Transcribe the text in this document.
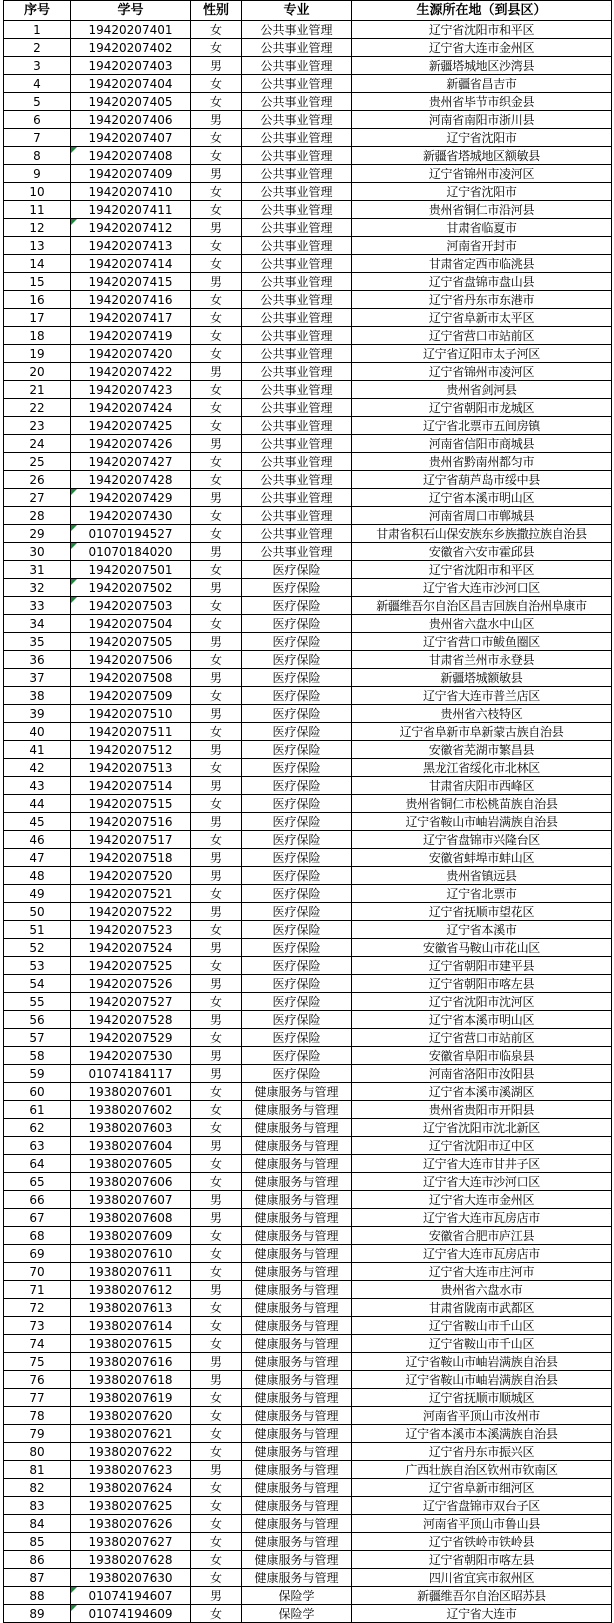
序号	学号	性别	专业	生源所在地（到县区）
1	19420207401	女	公共事业管理	辽宁省沈阳市和平区
2	19420207402	女	公共事业管理	辽宁省大连市金州区
3	19420207403	男	公共事业管理	新疆塔城地区沙湾县
4	19420207404	女	公共事业管理	新疆省昌吉市
5	19420207405	女	公共事业管理	贵州省毕节市织金县
6	19420207406	男	公共事业管理	河南省南阳市浙川县
7	19420207407	女	公共事业管理	辽宁省沈阳市
8	19420207408	女	公共事业管理	新疆省塔城地区额敏县
9	19420207409	男	公共事业管理	辽宁省锦州市凌河区
10	19420207410	女	公共事业管理	辽宁省沈阳市
11	19420207411	女	公共事业管理	贵州省铜仁市沿河县
12	19420207412	男	公共事业管理	甘肃省临夏市
13	19420207413	女	公共事业管理	河南省开封市
14	19420207414	女	公共事业管理	甘肃省定西市临洮县
15	19420207415	男	公共事业管理	辽宁省盘锦市盘山县
16	19420207416	女	公共事业管理	辽宁省丹东市东港市
17	19420207417	女	公共事业管理	辽宁省阜新市太平区
18	19420207419	女	公共事业管理	辽宁省营口市站前区
19	19420207420	女	公共事业管理	辽宁省辽阳市太子河区
20	19420207422	男	公共事业管理	辽宁省锦州市凌河区
21	19420207423	女	公共事业管理	贵州省剑河县
22	19420207424	女	公共事业管理	辽宁省朝阳市龙城区
23	19420207425	女	公共事业管理	辽宁省北票市五间房镇
24	19420207426	男	公共事业管理	河南省信阳市商城县
25	19420207427	女	公共事业管理	贵州省黔南州都匀市
26	19420207428	女	公共事业管理	辽宁省葫芦岛市绥中县
27	19420207429	男	公共事业管理	辽宁省本溪市明山区
28	19420207430	女	公共事业管理	河南省周口市郸城县
29	01070194527	女	公共事业管理	甘肃省积石山保安族东乡族撒拉族自治县
30	01070184020	男	公共事业管理	安徽省六安市霍邱县
31	19420207501	女	医疗保险	辽宁省沈阳市和平区
32	19420207502	男	医疗保险	辽宁省大连市沙河口区
33	19420207503	女	医疗保险	新疆维吾尔自治区昌吉回族自治州阜康市
34	19420207504	女	医疗保险	贵州省六盘水中山区
35	19420207505	男	医疗保险	辽宁省营口市鲅鱼圈区
36	19420207506	女	医疗保险	甘肃省兰州市永登县
37	19420207508	男	医疗保险	新疆塔城额敏县
38	19420207509	女	医疗保险	辽宁省大连市普兰店区
39	19420207510	男	医疗保险	贵州省六枝特区
40	19420207511	女	医疗保险	辽宁省阜新市阜新蒙古族自治县
41	19420207512	男	医疗保险	安徽省芜湖市繁昌县
42	19420207513	女	医疗保险	黑龙江省绥化市北林区
43	19420207514	男	医疗保险	甘肃省庆阳市西峰区
44	19420207515	女	医疗保险	贵州省铜仁市松桃苗族自治县
45	19420207516	男	医疗保险	辽宁省鞍山市岫岩满族自治县
46	19420207517	女	医疗保险	辽宁省盘锦市兴隆台区
47	19420207518	男	医疗保险	安徽省蚌埠市蚌山区
48	19420207520	男	医疗保险	贵州省镇远县
49	19420207521	女	医疗保险	辽宁省北票市
50	19420207522	男	医疗保险	辽宁省抚顺市望花区
51	19420207523	女	医疗保险	辽宁省本溪市
52	19420207524	男	医疗保险	安徽省马鞍山市花山区
53	19420207525	女	医疗保险	辽宁省朝阳市建平县
54	19420207526	男	医疗保险	辽宁省朝阳市喀左县
55	19420207527	女	医疗保险	辽宁省沈阳市沈河区
56	19420207528	男	医疗保险	辽宁省本溪市明山区
57	19420207529	女	医疗保险	辽宁省营口市站前区
58	19420207530	男	医疗保险	安徽省阜阳市临泉县
59	01074184117	男	医疗保险	河南省洛阳市汝阳县
60	19380207601	女	健康服务与管理	辽宁省本溪市溪湖区
61	19380207602	女	健康服务与管理	贵州省贵阳市开阳县
62	19380207603	女	健康服务与管理	辽宁省沈阳市沈北新区
63	19380207604	男	健康服务与管理	辽宁省沈阳市辽中区
64	19380207605	女	健康服务与管理	辽宁省大连市甘井子区
65	19380207606	女	健康服务与管理	辽宁省大连市沙河口区
66	19380207607	男	健康服务与管理	辽宁省大连市金州区
67	19380207608	男	健康服务与管理	辽宁省大连市瓦房店市
68	19380207609	女	健康服务与管理	安徽省合肥市庐江县
69	19380207610	女	健康服务与管理	辽宁省大连市瓦房店市
70	19380207611	女	健康服务与管理	辽宁省大连市庄河市
71	19380207612	男	健康服务与管理	贵州省六盘水市
72	19380207613	女	健康服务与管理	甘肃省陇南市武都区
73	19380207614	女	健康服务与管理	辽宁省鞍山市千山区
74	19380207615	女	健康服务与管理	辽宁省鞍山市千山区
75	19380207616	男	健康服务与管理	辽宁省鞍山市岫岩满族自治县
76	19380207618	男	健康服务与管理	辽宁省鞍山市岫岩满族自治县
77	19380207619	女	健康服务与管理	辽宁省抚顺市顺城区
78	19380207620	女	健康服务与管理	河南省平顶山市汝州市
79	19380207621	女	健康服务与管理	辽宁省本溪市本溪满族自治县
80	19380207622	女	健康服务与管理	辽宁省丹东市振兴区
81	19380207623	男	健康服务与管理	广西壮族自治区钦州市钦南区
82	19380207624	女	健康服务与管理	辽宁省阜新市细河区
83	19380207625	女	健康服务与管理	辽宁省盘锦市双台子区
84	19380207626	女	健康服务与管理	河南省平顶山市鲁山县
85	19380207627	女	健康服务与管理	辽宁省铁岭市铁岭县
86	19380207628	女	健康服务与管理	辽宁省朝阳市喀左县
87	19380207630	女	健康服务与管理	四川省宜宾市叙州区
88	01074194607	男	保险学	新疆维吾尔自治区昭苏县
89	01074194609	女	保险学	辽宁省大连市
